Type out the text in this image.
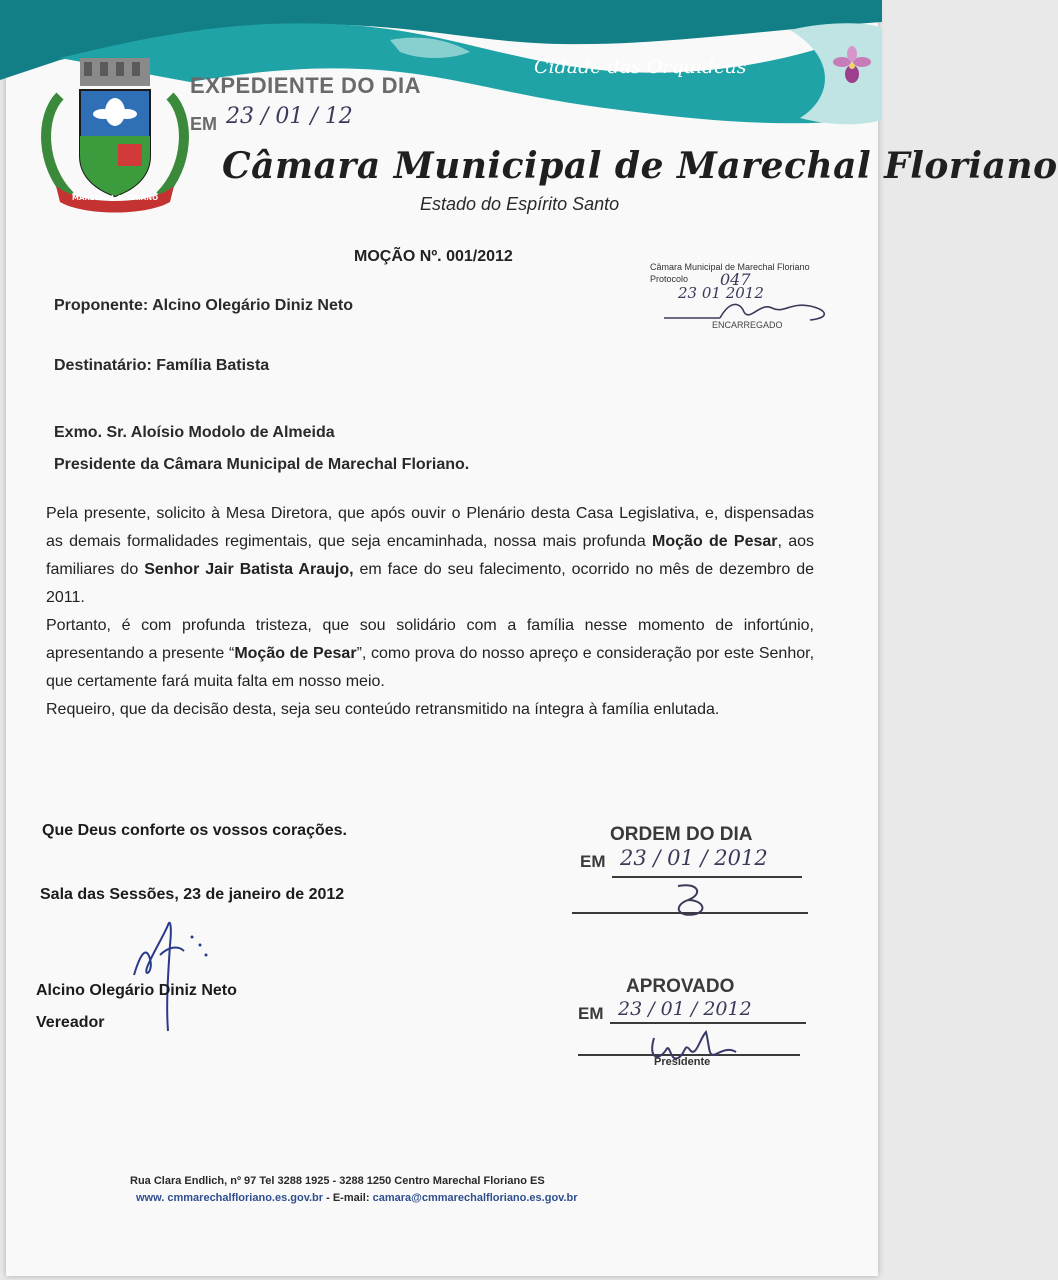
Cidade das Orquídeas
MARECHAL FLORIANO
EXPEDIENTE DO DIA
EM 23 / 01 / 12
Câmara Municipal de Marechal Floriano
Estado do Espírito Santo
Câmara Municipal de Marechal Floriano
Protocolo 047
23 01 2012
ENCARREGADO
MOÇÃO Nº. 001/2012
Proponente: Alcino Olegário Diniz Neto
Destinatário: Família Batista
Exmo. Sr. Aloísio Modolo de Almeida
Presidente da Câmara Municipal de Marechal Floriano.

Pela presente, solicito à Mesa Diretora, que após ouvir o Plenário desta Casa Legislativa, e, dispensadas as demais formalidades regimentais, que seja encaminhada, nossa mais profunda Moção de Pesar, aos familiares do Senhor Jair Batista Araujo, em face do seu falecimento, ocorrido no mês de dezembro de 2011.

Portanto, é com profunda tristeza, que sou solidário com a família nesse momento de infortúnio, apresentando a presente “Moção de Pesar”, como prova do nosso apreço e consideração por este Senhor, que certamente fará muita falta em nosso meio.

Requeiro, que da decisão desta, seja seu conteúdo retransmitido na íntegra à família enlutada.

Que Deus conforte os vossos corações.
Sala das Sessões, 23 de janeiro de 2012
Alcino Olegário Diniz Neto
Vereador
ORDEM DO DIA
EM 23 / 01 / 2012
APROVADO
EM 23 / 01 / 2012
Presidente
Rua Clara Endlich, nº 97 Tel 3288 1925 - 3288 1250 Centro Marechal Floriano ES
www. cmmarechalfloriano.es.gov.br - E-mail: camara@cmmarechalfloriano.es.gov.br
